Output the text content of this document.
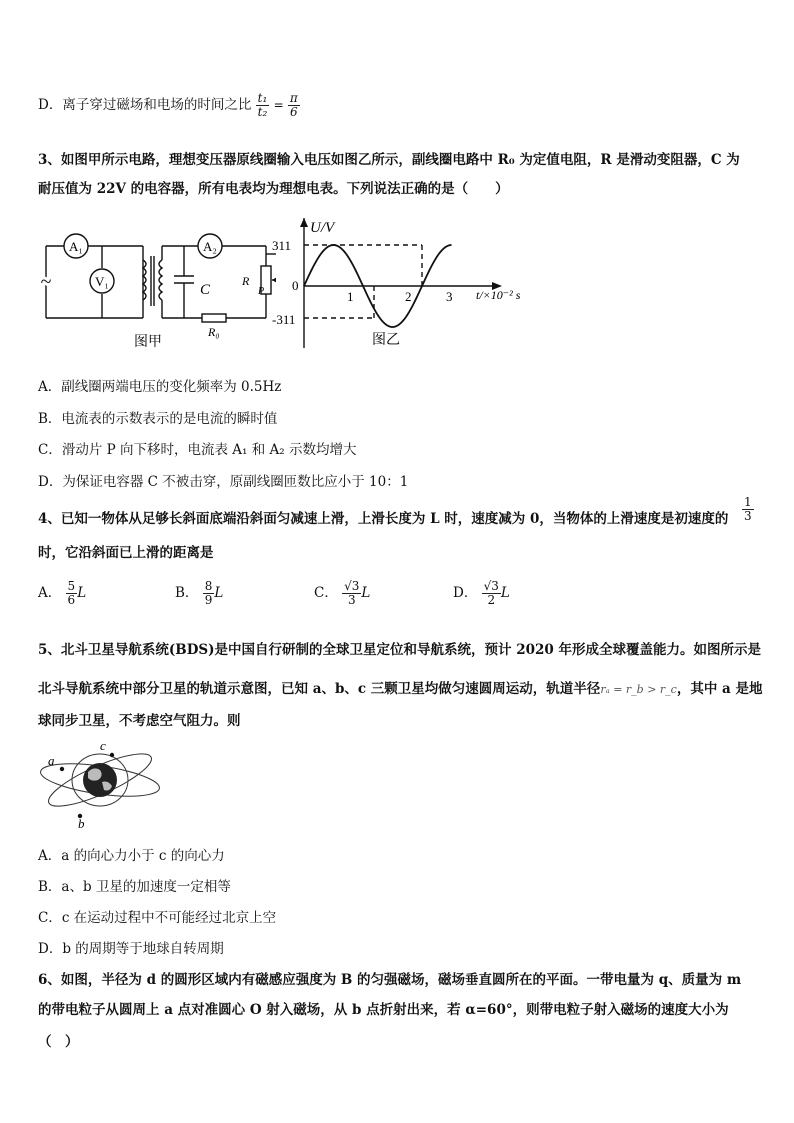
D．离子穿过磁场和电场的时间之比 $\frac{\text{t₁}}{\text{t₂}} = \frac{\pi}{6}$
3、如图甲所示电路，理想变压器原线圈输入电压如图乙所示，副线圈电路中 R₀ 为定值电阻，R 是滑动变阻器，C 为
耐压值为 22V 的电容器，所有电表均为理想电表。下列说法正确的是（　　）
A₁
V₁
A₂
~	C
R
P
R₀
图甲
U/V
311
0
-311
1	2	3 t/×10⁻² s
图乙
A．副线圈两端电压的变化频率为 0.5Hz
B．电流表的示数表示的是电流的瞬时值
C．滑动片 P 向下移时，电流表 A₁ 和 A₂ 示数均增大
D．为保证电容器 C 不被击穿，原副线圈匝数比应小于 10：1
4、已知一物体从足够长斜面底端沿斜面匀减速上滑，上滑长度为 L 时，速度减为 0，当物体的上滑速度是初速度的 $\frac{1}{3}$
时，它沿斜面已上滑的距离是
A． $\frac{5}{6}$ L	B． $\frac{8}{9}$ L	C． $\frac{√3}{3}$ L	D． $\frac{√3}{2}$ L
5、北斗卫星导航系统(BDS)是中国自行研制的全球卫星定位和导航系统，预计 2020 年形成全球覆盖能力。如图所示是
北斗导航系统中部分卫星的轨道示意图，已知 a、b、c 三颗卫星均做匀速圆周运动，轨道半径rₐ = r_b > r_c，其中 a 是地
球同步卫星，不考虑空气阻力。则
a
c
b
A．a 的向心力小于 c 的向心力
B．a、b 卫星的加速度一定相等
C．c 在运动过程中不可能经过北京上空
D．b 的周期等于地球自转周期
6、如图，半径为 d 的圆形区域内有磁感应强度为 B 的匀强磁场，磁场垂直圆所在的平面。一带电量为 q、质量为 m
的带电粒子从圆周上 a 点对准圆心 O 射入磁场，从 b 点折射出来，若 α=60°，则带电粒子射入磁场的速度大小为
（　）
